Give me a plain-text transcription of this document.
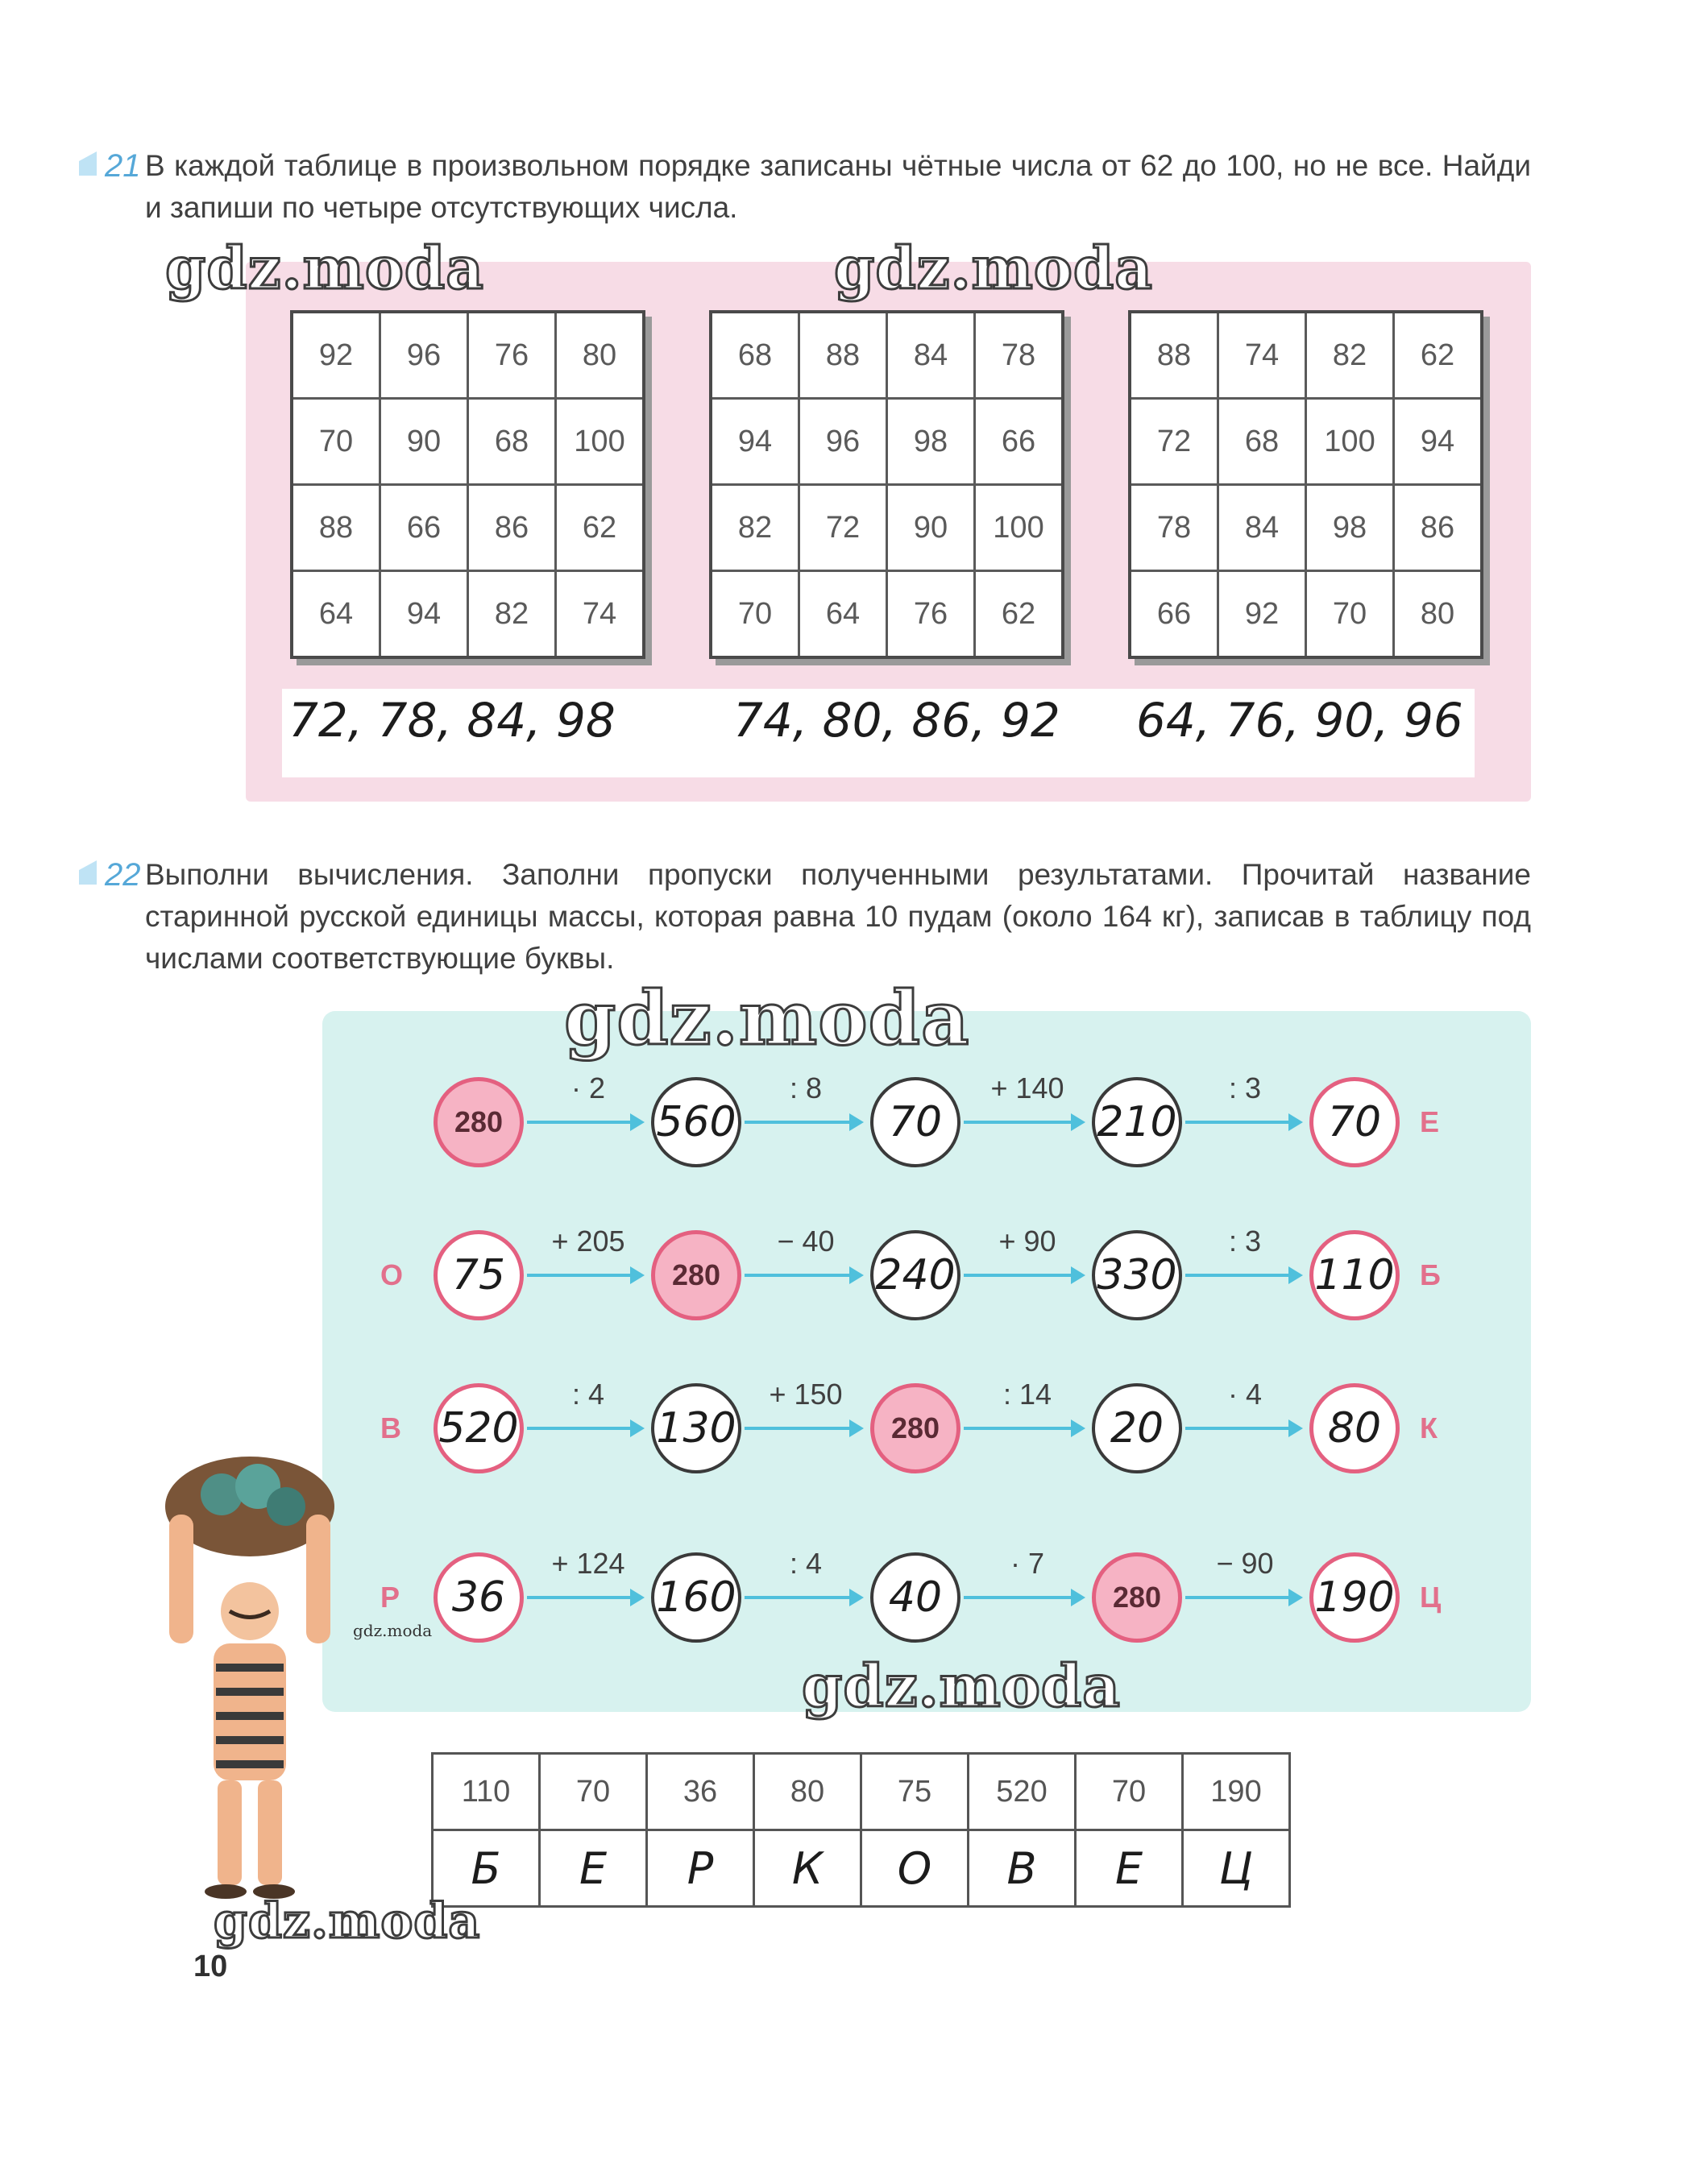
21 В каждой таблице в произвольном порядке записаны чётные числа от 62 до 100, но не все. Найди и запиши по четыре отсутствующих числа.
92	96	76	80
70	90	68	100
88	66	86	62
64	94	82	74
68	88	84	78
94	96	98	66
82	72	90	100
70	64	76	62
88	74	82	62
72	68	100	94
78	84	98	86
66	92	70	80
72, 78, 84, 98	74, 80, 86, 92 64, 76, 90, 96
22 Выполни вычисления. Заполни пропуски полученными результатами. Прочитай название старинной русской единицы массы, которая равна 10 пудам (около 164 кг), записав в таблицу под числами соответствующие буквы.
280	560	70	210	70
· 2	: 8	+ 140	: 3
Е
О 75	280	240	330	110
+ 205	− 40	+ 90	: 3
Б
В 520	130	280	20	80
: 4	+ 150	: 14	· 4
К
Р 36	160	40	280	190
+ 124	: 4	· 7	− 90
Ц
110	70	36	80	75	520	70	190
Б	Е	Р	К	О	В	Е	Ц
gdz.moda	gdz.moda
gdz.moda
gdz.moda
gdz.moda
gdz.moda
10
